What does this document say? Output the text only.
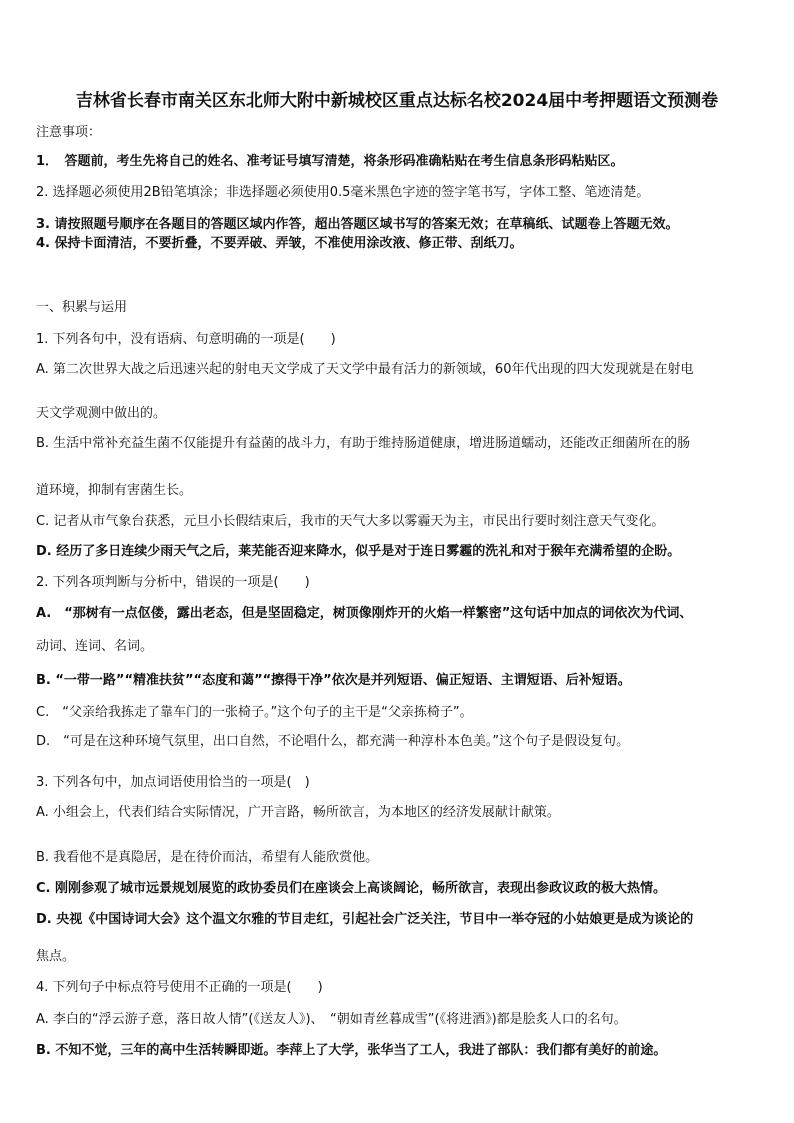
吉林省长春市南关区东北师大附中新城校区重点达标名校2024届中考押题语文预测卷
注意事项：
1．　答题前，考生先将自己的姓名、准考证号填写清楚，将条形码准确粘贴在考生信息条形码粘贴区。
2. 选择题必须使用2B铅笔填涂；非选择题必须使用0.5毫米黑色字迹的签字笔书写，字体工整、笔迹清楚。
3. 请按照题号顺序在各题目的答题区域内作答，超出答题区域书写的答案无效；在草稿纸、试题卷上答题无效。
4. 保持卡面清洁，不要折叠，不要弄破、弄皱，不准使用涂改液、修正带、刮纸刀。
一、积累与运用
1. 下列各句中，没有语病、句意明确的一项是(　　)
A. 第二次世界大战之后迅速兴起的射电天文学成了天文学中最有活力的新领域，60年代出现的四大发现就是在射电
天文学观测中做出的。
B. 生活中常补充益生菌不仅能提升有益菌的战斗力，有助于维持肠道健康，增进肠道蠕动，还能改正细菌所在的肠
道环境，抑制有害菌生长。
C. 记者从市气象台获悉，元旦小长假结束后，我市的天气大多以雾霾天为主，市民出行要时刻注意天气变化。
D. 经历了多日连续少雨天气之后，莱芜能否迎来降水，似乎是对于连日雾霾的洗礼和对于猴年充满希望的企盼。
2. 下列各项判断与分析中，错误的一项是(　　)
A.　“那树有一点伛偻，露出老态，但是坚固稳定，树顶像刚炸开的火焰一样繁密”这句话中加点的词依次为代词、
动词、连词、名词。
B. “一带一路”“精准扶贫”“态度和蔼”“擦得干净”依次是并列短语、偏正短语、主谓短语、后补短语。
C.　“父亲给我拣走了靠车门的一张椅子。”这个句子的主干是“父亲拣椅子”。
D.　“可是在这种环境气氛里，出口自然，不论唱什么，都充满一种淳朴本色美。”这个句子是假设复句。
3. 下列各句中，加点词语使用恰当的一项是(　)
A. 小组会上，代表们结合实际情况，广开言路，畅所欲言，为本地区的经济发展献计献策。
B. 我看他不是真隐居，是在待价而沽，希望有人能欣赏他。
C. 刚刚参观了城市远景规划展览的政协委员们在座谈会上高谈阔论，畅所欲言，表现出参政议政的极大热情。
D. 央视《中国诗词大会》这个温文尔雅的节目走红，引起社会广泛关注，节目中一举夺冠的小姑娘更是成为谈论的
焦点。
4. 下列句子中标点符号使用不正确的一项是(　　)
A. 李白的“浮云游子意，落日故人情”(《送友人》)、　“朝如青丝暮成雪”(《将进酒》)都是脍炙人口的名句。
B. 不知不觉，三年的高中生活转瞬即逝。李萍上了大学，张华当了工人，我进了部队：我们都有美好的前途。
